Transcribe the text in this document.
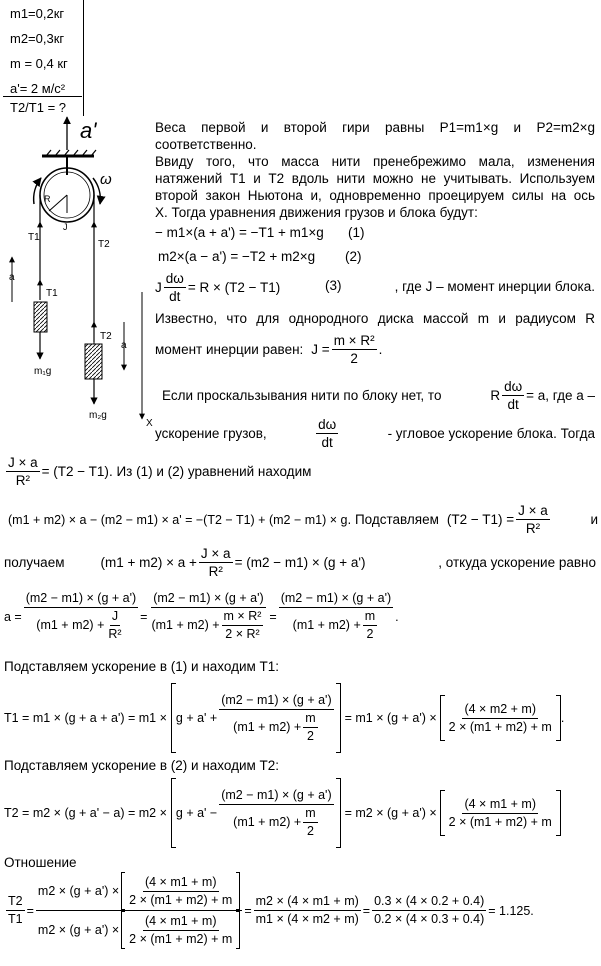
m1=0,2кг
m2=0,3кг
m = 0,4 кг
a'= 2 м/с²
T2/T1 = ?
a'
R
J
ω
T1
T2
a
T1
m₁g
T2
m₂g
a
X
Веса первой и второй гири равны P1=m1×g и P2=m2×g
соответственно.
Ввиду того, что масса нити пренебрежимо мала, изменения
натяжений T1 и T2 вдоль нити можно не учитывать. Используем
второй закон Ньютона и, одновременно проецируем силы на ось
X. Тогда уравнения движения грузов и блока будут:
− m1×(a + a') = −T1 + m1×g (1)
m2×(a − a') = −T2 + m2×g (2)
J $\frac{d\omega}{dt} = R \times (T2 - T1)$	(3)	, где J – момент инерции блока.
Известно, что для однородного диска массой m и радиусом R
момент инерции равен: $J = \frac{\text{m × R²}}{2}$ .
Если проскальзывания нити по блоку нет, то	R $\frac{d\omega}{dt} = a$, где a –
ускорение грузов,	$\frac{d\omega}{dt}$	- угловое ускорение блока. Тогда
$\frac{J \times a}{\text{R²}} = (T2 - T1)$ . Из (1) и (2) уравнений находим
(m1 + m2) × a − (m2 − m1) × a' = −(T2 − T1) + (m2 − m1) × g . Подставляем $(T2 - T1) = \frac{J \times a}{\text{R²}}$	и
получаем	$(m1 + m2) \times a + \frac{J \times a}{\text{R²}} = (m2 - m1) \times (g + a')$	, откуда ускорение равно
$a = \frac{(m2 - m1) \times (g + a')}{(m1 + m2) + \frac{J}{\text{R²}}} = \frac{(m2 - m1) \times (g + a')}{(m1 + m2) + \frac{\text{m × R²}}{\text{2 × R²}}} = \frac{(m2 - m1) \times (g + a')}{(m1 + m2) + \frac{m}{2}}$ .
Подставляем ускорение в (1) и находим T1:
$T1 = m1 \times (g + a + a') = m1 \times g + a' + \frac{(m2 - m1) \times (g + a')}{(m1 + m2) + \frac{m}{2}} = m1 \times (g + a') \times \frac{(4 \times m2 + m)}{2 \times (m1 + m2) + m}$ .
Подставляем ускорение в (2) и находим T2:
$T2 = m2 \times (g + a' - a) = m2 \times g + a' - \frac{(m2 - m1) \times (g + a')}{(m1 + m2) + \frac{m}{2}} = m2 \times (g + a') \times \frac{(4 \times m1 + m)}{2 \times (m1 + m2) + m}$
Отношение
$\frac{T2}{T1} = \frac{m2 \times (g + a') \times \frac{(4 \times m1 + m)}{2 \times (m1 + m2) + m}}{m2 \times (g + a') \times \frac{(4 \times m1 + m)}{2 \times (m1 + m2) + m}} = \frac{m2 \times (4 \times m1 + m)}{m1 \times (4 \times m2 + m)} = \frac{0.3 \times (4 \times 0.2 + 0.4)}{0.2 \times (4 \times 0.3 + 0.4)} = 1.125$.
